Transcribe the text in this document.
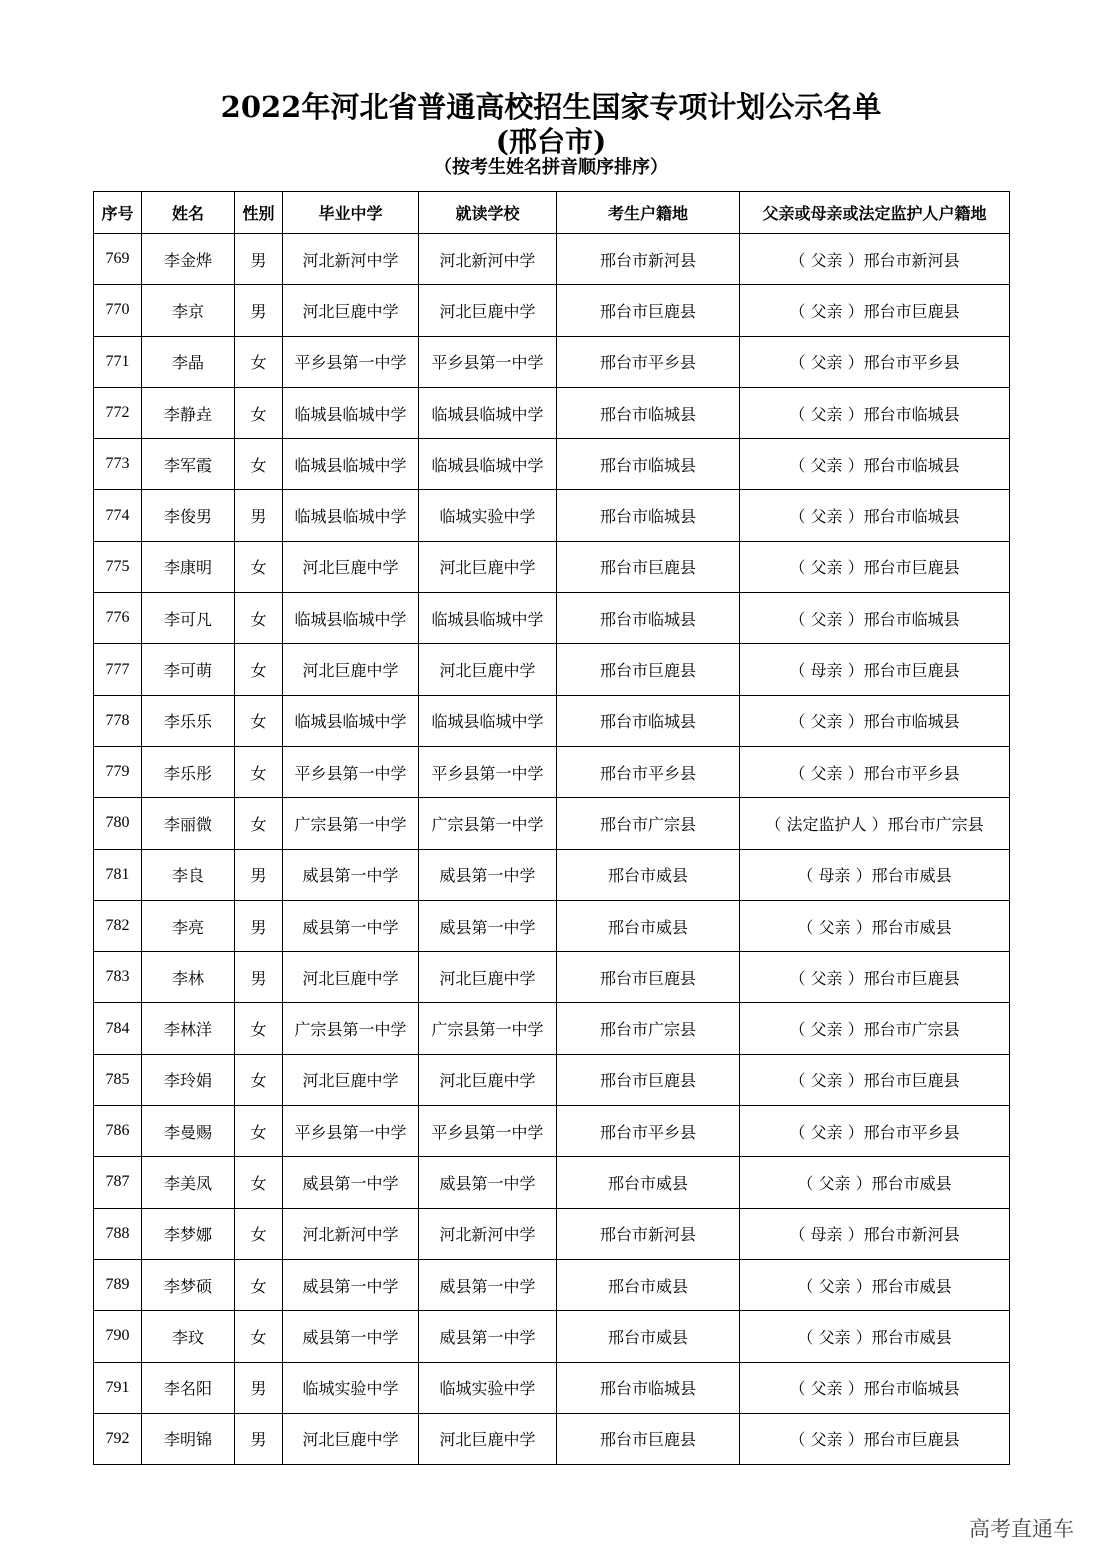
2022年河北省普通高校招生国家专项计划公示名单
(邢台市)
（按考生姓名拼音顺序排序）
序号	姓名	性别	毕业中学	就读学校	考生户籍地	父亲或母亲或法定监护人户籍地
769	李金烨	男	河北新河中学	河北新河中学	邢台市新河县	（ 父亲 ）邢台市新河县
770	李京	男	河北巨鹿中学	河北巨鹿中学	邢台市巨鹿县	（ 父亲 ）邢台市巨鹿县
771	李晶	女	平乡县第一中学	平乡县第一中学	邢台市平乡县	（ 父亲 ）邢台市平乡县
772	李静垚	女	临城县临城中学	临城县临城中学	邢台市临城县	（ 父亲 ）邢台市临城县
773	李军霞	女	临城县临城中学	临城县临城中学	邢台市临城县	（ 父亲 ）邢台市临城县
774	李俊男	男	临城县临城中学	临城实验中学	邢台市临城县	（ 父亲 ）邢台市临城县
775	李康明	女	河北巨鹿中学	河北巨鹿中学	邢台市巨鹿县	（ 父亲 ）邢台市巨鹿县
776	李可凡	女	临城县临城中学	临城县临城中学	邢台市临城县	（ 父亲 ）邢台市临城县
777	李可萌	女	河北巨鹿中学	河北巨鹿中学	邢台市巨鹿县	（ 母亲 ）邢台市巨鹿县
778	李乐乐	女	临城县临城中学	临城县临城中学	邢台市临城县	（ 父亲 ）邢台市临城县
779	李乐彤	女	平乡县第一中学	平乡县第一中学	邢台市平乡县	（ 父亲 ）邢台市平乡县
780	李丽微	女	广宗县第一中学	广宗县第一中学	邢台市广宗县	（ 法定监护人 ）邢台市广宗县
781	李良	男	威县第一中学	威县第一中学	邢台市威县	（ 母亲 ）邢台市威县
782	李亮	男	威县第一中学	威县第一中学	邢台市威县	（ 父亲 ）邢台市威县
783	李林	男	河北巨鹿中学	河北巨鹿中学	邢台市巨鹿县	（ 父亲 ）邢台市巨鹿县
784	李林洋	女	广宗县第一中学	广宗县第一中学	邢台市广宗县	（ 父亲 ）邢台市广宗县
785	李玲娟	女	河北巨鹿中学	河北巨鹿中学	邢台市巨鹿县	（ 父亲 ）邢台市巨鹿县
786	李曼赐	女	平乡县第一中学	平乡县第一中学	邢台市平乡县	（ 父亲 ）邢台市平乡县
787	李美凤	女	威县第一中学	威县第一中学	邢台市威县	（ 父亲 ）邢台市威县
788	李梦娜	女	河北新河中学	河北新河中学	邢台市新河县	（ 母亲 ）邢台市新河县
789	李梦硕	女	威县第一中学	威县第一中学	邢台市威县	（ 父亲 ）邢台市威县
790	李玟	女	威县第一中学	威县第一中学	邢台市威县	（ 父亲 ）邢台市威县
791	李名阳	男	临城实验中学	临城实验中学	邢台市临城县	（ 父亲 ）邢台市临城县
792	李明锦	男	河北巨鹿中学	河北巨鹿中学	邢台市巨鹿县	（ 父亲 ）邢台市巨鹿县
高考直通车
